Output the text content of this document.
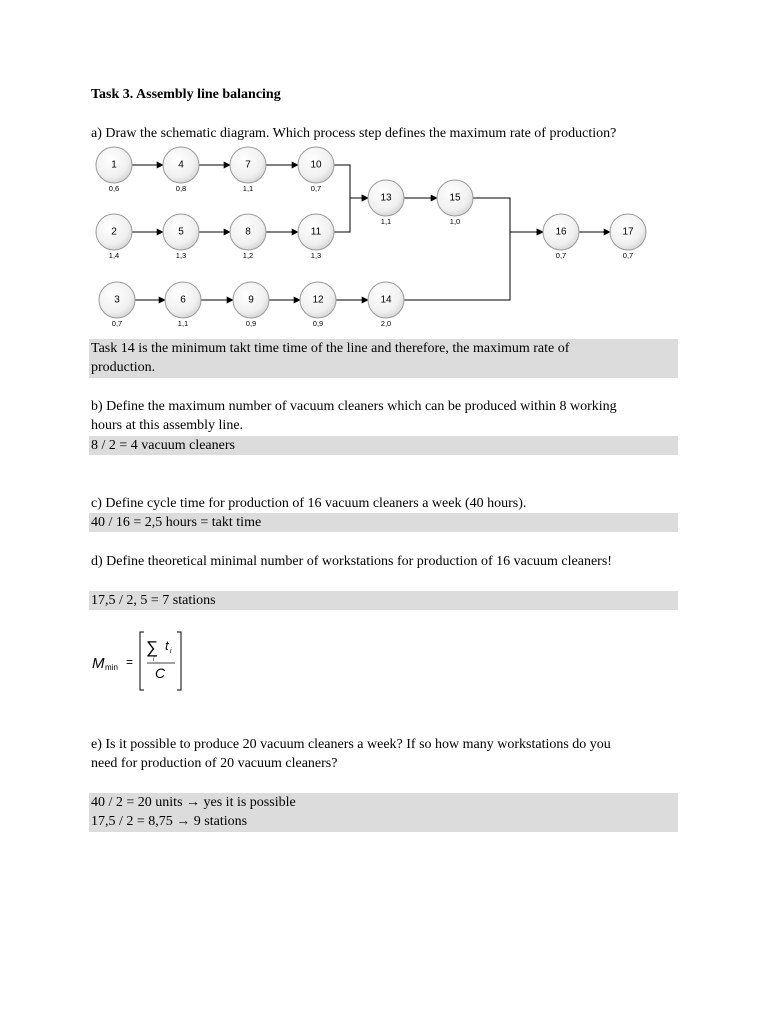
Task 3. Assembly line balancing
a) Draw the schematic diagram. Which process step defines the maximum rate of production?
1
0,6
4
0,8
7
1,1
10
0,7
2
1,4
5
1,3
8
1,2
11
1,3
3
0,7
6
1,1
9
0,9
12
0,9
14
2,0
13
1,1
15
1,0
16
0,7
17
0,7
Task 14 is the minimum takt time time of the line and therefore, the maximum rate of
production.
b) Define the maximum number of vacuum cleaners which can be produced within 8 working
hours at this assembly line.
8 / 2 = 4 vacuum cleaners
c) Define cycle time for production of 16 vacuum cleaners a week (40 hours).
40 / 16 = 2,5 hours = takt time
d) Define theoretical minimal number of workstations for production of 16 vacuum cleaners!
17,5 / 2, 5 = 7 stations
M min =
∑ t i
i
C
e) Is it possible to produce 20 vacuum cleaners a week? If so how many workstations do you
need for production of 20 vacuum cleaners?
40 / 2 = 20 units → yes it is possible
17,5 / 2 = 8,75 → 9 stations
